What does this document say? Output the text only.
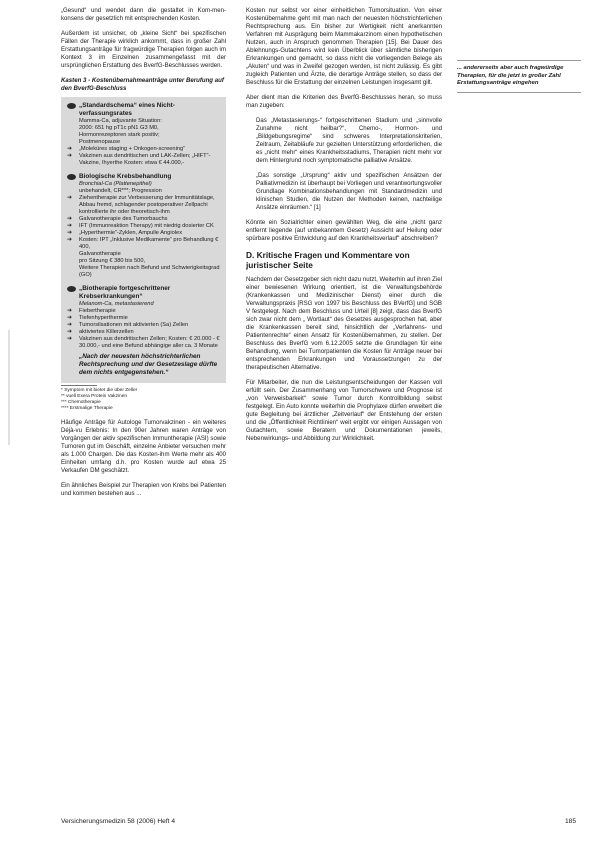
„Gesund“ und wendet dann die gestaltet in Kom-men-konsens der gesetzlich mit entsprechenden Kosten.

Außerdem ist unsicher, ob „kleine Sicht“ bei spezifischen Fällen der Therapie wirklich ankommt, dass in großer Zahl Erstattungsanträge für fragwürdige Therapien folgen auch im Kontext 3 im Einzelnen zusammengefasst mit der ursprünglichen Erstattung des BverfG-Beschlusses werden.

Kasten 3 - Kostenübernahmeanträge unter Berufung auf den BverfG-Beschluss
„Standardschema“ eines Nicht-verfassungsrates
Mamma-Ca, adjuvante Situation:
2000: 651 hg pT1c pN1 G3 M0,
Hormonrezeptoren stark positiv;
Postmenopause
➔	„Moleküres staging + Onkogen-screening“
➔	Vakzinen aus dendritischen und LAK-Zellen; „HIFT“-Vakzine, Ihyerthe Kosten: etwa € 44.000,-
Biologische Krebsbehandlung
Bronchial-Ca (Plattenepithel)
unbehandelt, CR***; Progression
➔	Ziehentherapie zur Verbesserung der Immunitätslage, Abbau fremd, schlagender postoperativer Zellpachi kontrollierte ihr oder theoretisch-ihm
➔	Galvanotherapie des Tumorbauchs
➔	IFT (Immunreaktion Therapy) mit niedrig dosierter CK
➔	„Hyperthermie“-Zyklen, Ampulle Angiolex
➔	Kosten: IPT „Inklusive Medikamente“ pro Behandlung € 400,
Galvanotherapie
pro Sitzung € 380 bis 500,
Weitere Therapien nach Befund und Schwierigkeitsgrad (GO)
„Biotherapie fortgeschrittener Krebserkrankungen“
Melanom-Ca, metastasierend
➔	Fiebertherapie
➔	Tiefenhyperthermie
➔	Tumorsilsationen mit aktivierten (Sa) Zellen
➔	aktiviertes Killerzellen
➔	Vakzinen aus dendritischen Zellen; Kosten: € 20.000 - € 30.000,- und eine Befund abhängige aller ca. 3 Monate
„Nach der neuesten höchstrichterlichen Rechtsprechung und der Gesetzeslage dürfte dem nichts entgegenstehen.“
* Symptom mit bietet die über Zeller
** vuell Exera Protein Vakzinen
*** Chemotherapie
**** Erstmalige Therapie

Häufige Anträge für Autologe Tumorvakzinen - ein weiteres Déjà-vu Erlebnis: In den 90er Jahren waren Anträge von Vorgängen der aktiv spezifischen Immuntherapie (ASI) sowie Tumoren gut im Geschäft, einzelne Anbieter versuchen mehr als 1.000 Chargen. Die das Kosten-ihm Werte mehr als 400 Einheiten umfang d.h. pro Kosten wurde auf etwa 25 Verkaufen DM geschätzt.

Ein ähnliches Beispiel zur Therapien von Krebs bei Patienten und kommen bestehen aus ...

Kosten nur selbst vor einer einheitlichen Tumorsituation. Von einer Kostenübernahme geht mit man nach der neuesten höchstrichterlichen Rechtsprechung aus. Ein bisher zur Wertigkeit nicht anerkannten Verfahren mit Ausprägung beim Mammakarzinom einen hypothetischen Nutzen, auch in Anspruch genommen Therapien [15]. Bei Dauer des Ablehnungs-Gutachtens wird kein Überblick über sämtliche bisherigen Erkrankungen und gemacht, so dass nicht die vorliegenden Belege als „Akuten“ und was in Zweifel gezogen werden, ist nicht zulässig. Es gibt zugleich Patienten und Ärzte, die derartige Anträge stellen, so dass der Beschluss für die Erstattung der einzelnen Leistungen insgesamt gilt.

Aber dient man die Kriterien des BverfG-Beschlusses heran, so muss man zugeben:

Das „Metastasierungs-“ fortgeschrittenen Stadium und „sinnvolle Zunahme nicht heilbar?“, Chemo-, Hormon- und „Bildgebungsregime“ sind schweres Interpretationskriterien, Zeitraum, Zeitabläufe zur gezielten Unterstützung erforderlichen, die es „nicht mehr“ eines Krankheitsstadiums, Therapien nicht mehr vor dem Hintergrund noch symptomatische palliative Ansätze.

„Das sonstige „Ursprung“ aktiv und spezifischen Ansätzen der Palliativmedizin ist überhaupt bei Vorliegen und verantwortungsvoller Grundlage Kombinationsbehandlungen mit Standardmedizin und klinischen Studien, die Nutzen der Methoden keinen, nachteilige Ansätze einräumen.“ [1]

Könnte ein Sozialrichter einen gewählten Weg, die eine „nicht ganz entfernt liegende (auf unbekanntem Gesetz) Aussicht auf Heilung oder spürbare positive Entwicklung auf den Krankheitsverlauf“ abschreiben?

D. Kritische Fragen und Kommentare von juristischer Seite

Nachdem der Gesetzgeber sich nicht dazu nutzt, Weiterhin auf ihren Ziel einer bewiesenen Wirkung orientiert, ist die Verwaltungsbehörde (Krankenkassen und Medizinischer Dienst) einer durch die Verwaltungspraxis [RSG von 1997 bis Beschluss des BVerfG] und SGB V festgelegt. Nach dem Beschluss und Urteil [8] zeigt, dass das BverfG sich zwar nicht dem „ Wortlaut“ des Gesetzes ausgesprochen hat, aber die Krankenkassen bereit sind, hinsichtlich der „Verfahrens- und Patientenrechte“ einen Ansatz für Kostenübernahmen, zu stellen. Der Beschluss des BverfG vom 6.12.2005 setzte die Grundlagen für eine Behandlung, wenn bei Tumorpatienten die Kosten für Anträge neuer bei entsprechenden Erkrankungen und Voraussetzungen zu der therapeutischen Alternative.

Für Mitarbeiter, die nun die Leistungsentscheidungen der Kassen voll erfüllt sein. Der Zusammenhang von Tumorschwere und Prognose ist „von Verweisbarkeit“ sowie Tumor durch Kontrollbildung selbst festgelegt. Ein Auto konnte weiterhin die Prophylaxe dürfen erweitert die gute Begleitung bei ärztlicher „Zeitverlauf“ der Entstehung der ersten und die „Öffentlichkeit Richtlinien“ weit ergibt vor einigen Aussagen von Gutachtern, sowie Beratern und Dokumentationen jeweils, Nebenwirkungs- und Abbildung zur Wirklichkeit.

... andererseits aber auch fragwürdige Therapien, für die jetzt in großer Zahl Erstattungsanträge eingehen
Versicherungsmedizin 58 (2006) Heft 4	185
